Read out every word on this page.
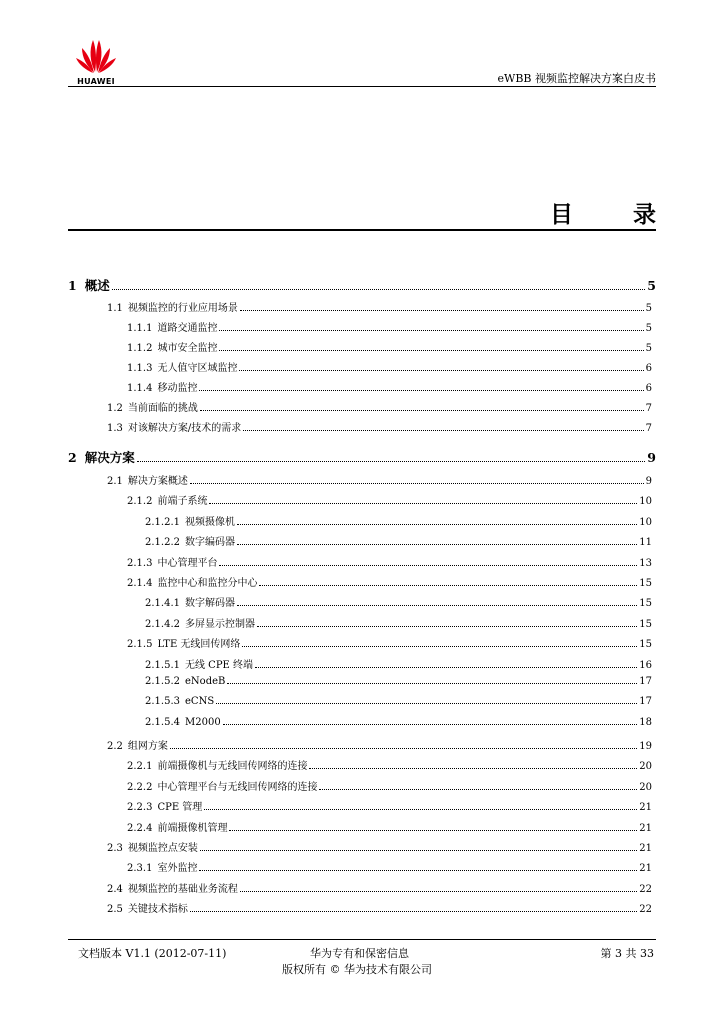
HUAWEI	eWBB 视频监控解决方案白皮书
目 录
1 概述	5
1.1 视频监控的行业应用场景	5
1.1.1 道路交通监控	5
1.1.2 城市安全监控	5
1.1.3 无人值守区域监控	6
1.1.4 移动监控	6
1.2 当前面临的挑战	7
1.3 对该解决方案/技术的需求	7
2 解决方案	9
2.1 解决方案概述	9
2.1.2 前端子系统	10
2.1.2.1 视频摄像机	10
2.1.2.2 数字编码器	11
2.1.3 中心管理平台	13
2.1.4 监控中心和监控分中心	15
2.1.4.1 数字解码器	15
2.1.4.2 多屏显示控制器	15
2.1.5 LTE 无线回传网络	15
2.1.5.1 无线 CPE 终端	16
2.1.5.2 eNodeB	17
2.1.5.3 eCNS	17
2.1.5.4 M2000	18
2.2 组网方案	19
2.2.1 前端摄像机与无线回传网络的连接	20
2.2.2 中心管理平台与无线回传网络的连接	20
2.2.3 CPE 管理	21
2.2.4 前端摄像机管理	21
2.3 视频监控点安装	21
2.3.1 室外监控	21
2.4 视频监控的基础业务流程	22
2.5 关键技术指标	22
文档版本 V1.1 (2012-07-11)	华为专有和保密信息	第 3 共 33
版权所有 © 华为技术有限公司
